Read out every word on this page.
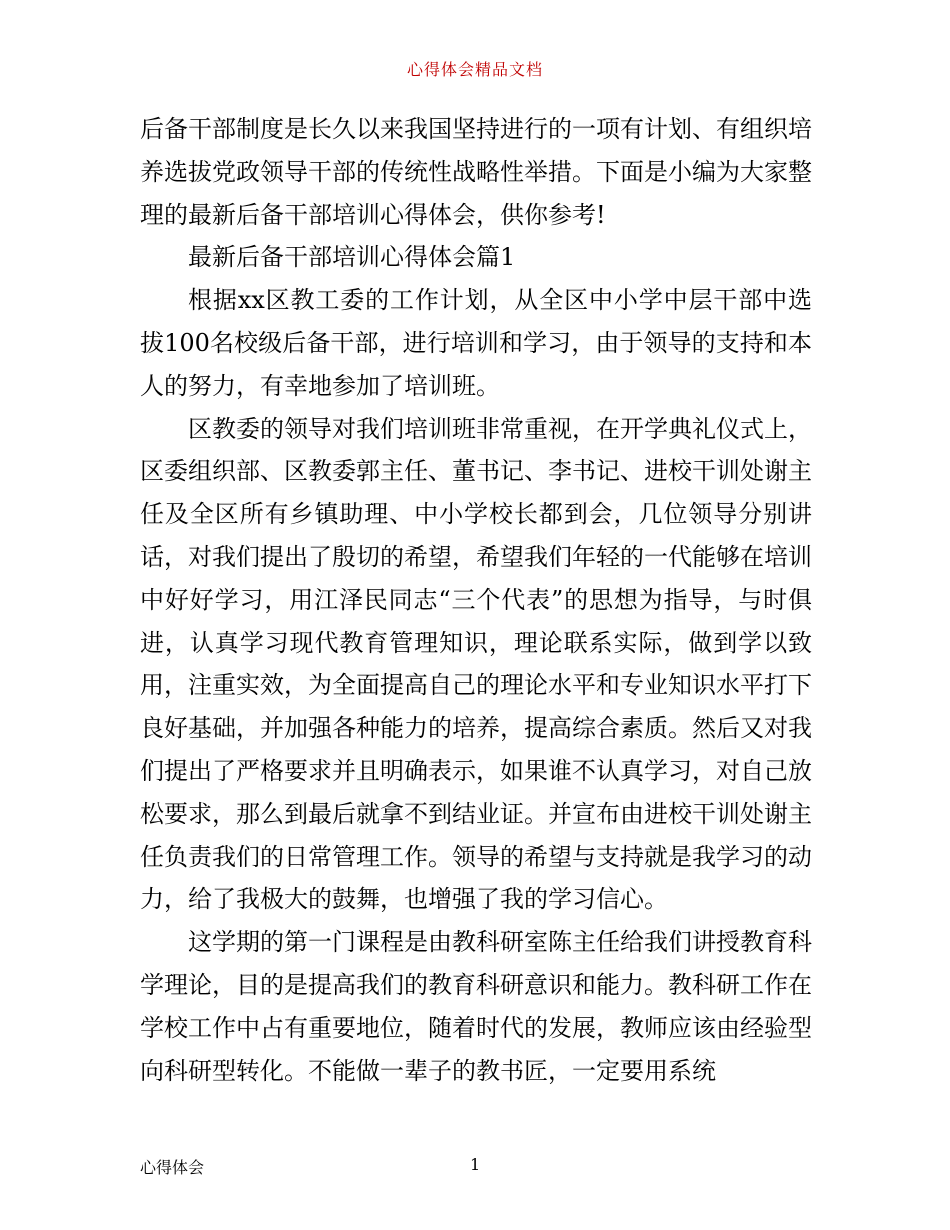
心得体会精品文档

后备干部制度是长久以来我国坚持进行的一项有计划、有组织培养选拔党政领导干部的传统性战略性举措。下面是小编为大家整理的最新后备干部培训心得体会，供你参考!

最新后备干部培训心得体会篇1

根据xx区教工委的工作计划，从全区中小学中层干部中选拔100名校级后备干部，进行培训和学习，由于领导的支持和本人的努力，有幸地参加了培训班。

区教委的领导对我们培训班非常重视，在开学典礼仪式上，区委组织部、区教委郭主任、董书记、李书记、进校干训处谢主任及全区所有乡镇助理、中小学校长都到会，几位领导分别讲话，对我们提出了殷切的希望，希望我们年轻的一代能够在培训中好好学习，用江泽民同志“三个代表”的思想为指导，与时俱进，认真学习现代教育管理知识，理论联系实际，做到学以致用，注重实效，为全面提高自己的理论水平和专业知识水平打下良好基础，并加强各种能力的培养，提高综合素质。然后又对我们提出了严格要求并且明确表示，如果谁不认真学习，对自己放松要求，那么到最后就拿不到结业证。并宣布由进校干训处谢主任负责我们的日常管理工作。领导的希望与支持就是我学习的动力，给了我极大的鼓舞，也增强了我的学习信心。

这学期的第一门课程是由教科研室陈主任给我们讲授教育科学理论，目的是提高我们的教育科研意识和能力。教科研工作在学校工作中占有重要地位，随着时代的发展，教师应该由经验型向科研型转化。不能做一辈子的教书匠，一定要用系统

心得体会	1
